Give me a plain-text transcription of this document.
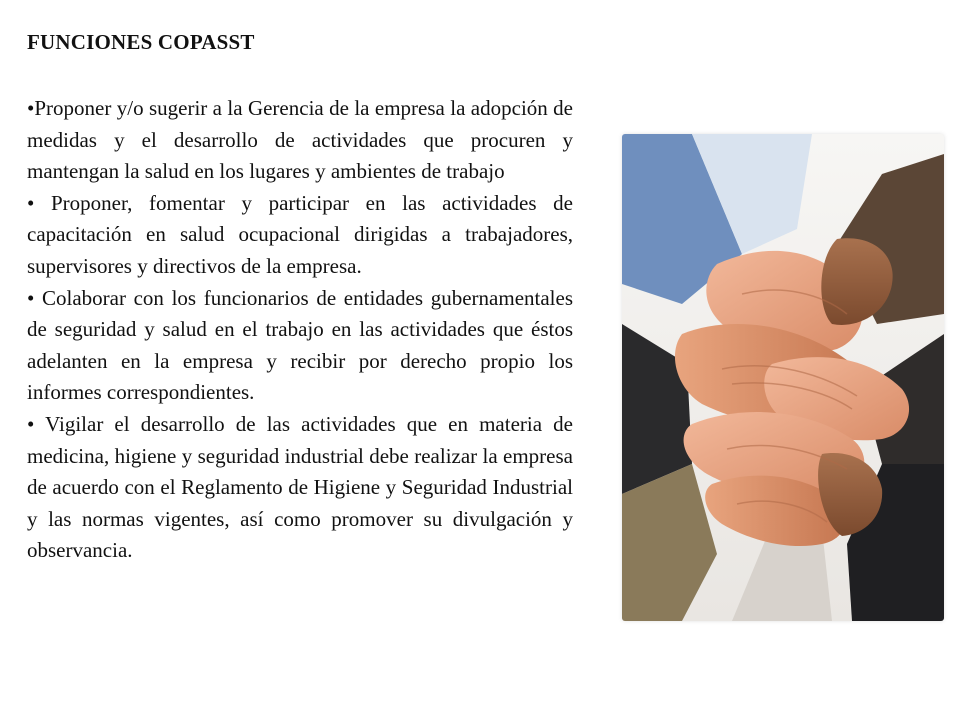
FUNCIONES COPASST

•Proponer y/o sugerir a la Gerencia de la empresa la adopción de medidas y el desarrollo de actividades que procuren y mantengan la salud en los lugares y ambientes de trabajo

• Proponer, fomentar y participar en las actividades de capacitación en salud ocupacional dirigidas a trabajadores, supervisores y directivos de la empresa.

• Colaborar con los funcionarios de entidades gubernamentales de seguridad y salud en el trabajo en las actividades que éstos adelanten en la empresa y recibir por derecho propio los informes correspondientes.

• Vigilar el desarrollo de las actividades que en materia de medicina, higiene y seguridad industrial debe realizar la empresa de acuerdo con el Reglamento de Higiene y Seguridad Industrial y las normas vigentes, así como promover su divulgación y observancia.
